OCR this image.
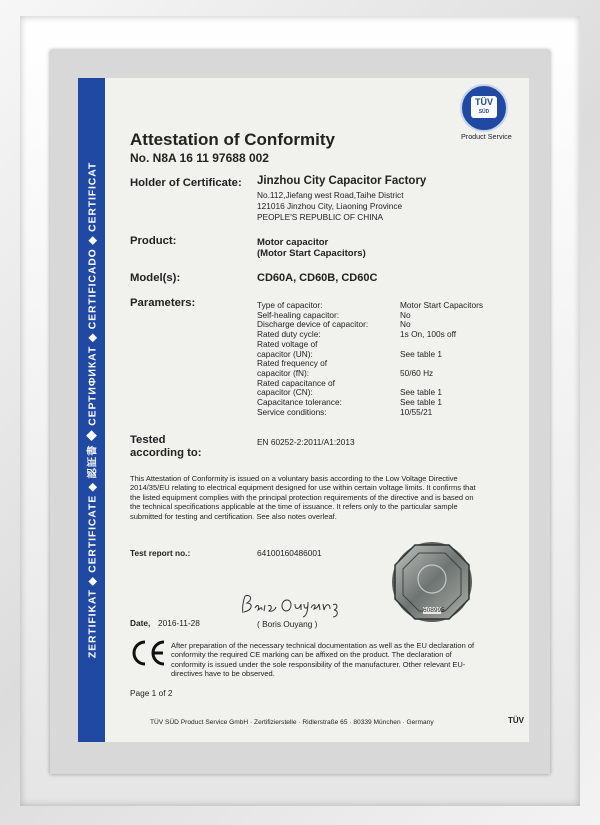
ZERTIFIKAT ◆ CERTIFICATE ◆ 認証書 ◆ СЕРТИФИКАТ ◆ CERTIFICADO ◆ CERTIFICAT
TÜV
SÜD
Product Service
Attestation of Conformity
No. N8A 16 11 97688 002
Holder of Certificate: Jinzhou City Capacitor Factory
No.112,Jiefang west Road,Taihe District
121016 Jinzhou City, Liaoning Province
PEOPLE'S REPUBLIC OF CHINA
Product:	Motor capacitor
(Motor Start Capacitors)
Model(s):	CD60A, CD60B, CD60C
Parameters:	Type of capacitor:	Motor Start Capacitors
Self-healing capacitor:	No
Discharge device of capacitor:	No
Rated duty cycle:	1s On, 100s off
Rated voltage of
capacitor (UN):	See table 1
Rated frequency of
capacitor (fN):	50/60 Hz
Rated capacitance of
capacitor (CN):	See table 1
Capacitance tolerance:	See table 1
Service conditions:	10/55/21
Tested
according to:
EN 60252-2:2011/A1:2013
This Attestation of Conformity is issued on a voluntary basis according to the Low Voltage Directive 2014/35/EU relating to electrical equipment designed for use within certain voltage limits. It confirms that the listed equipment complies with the principal protection requirements of the directive and is based on the technical specifications applicable at the time of issuance. It refers only to the particular sample submitted for testing and certification. See also notes overleaf.
Test report no.:	64100160486001
608995
Date, 2016-11-28	( Boris Ouyang )
After preparation of the necessary technical documentation as well as the EU declaration of conformity the required CE marking can be affixed on the product. The declaration of conformity is issued under the sole responsibility of the manufacturer. Other relevant EU-directives have to be observed.
Page 1 of 2
TÜV SÜD Product Service GmbH · Zertifizierstelle · Ridlerstraße 65 · 80339 München · Germany	TÜV
